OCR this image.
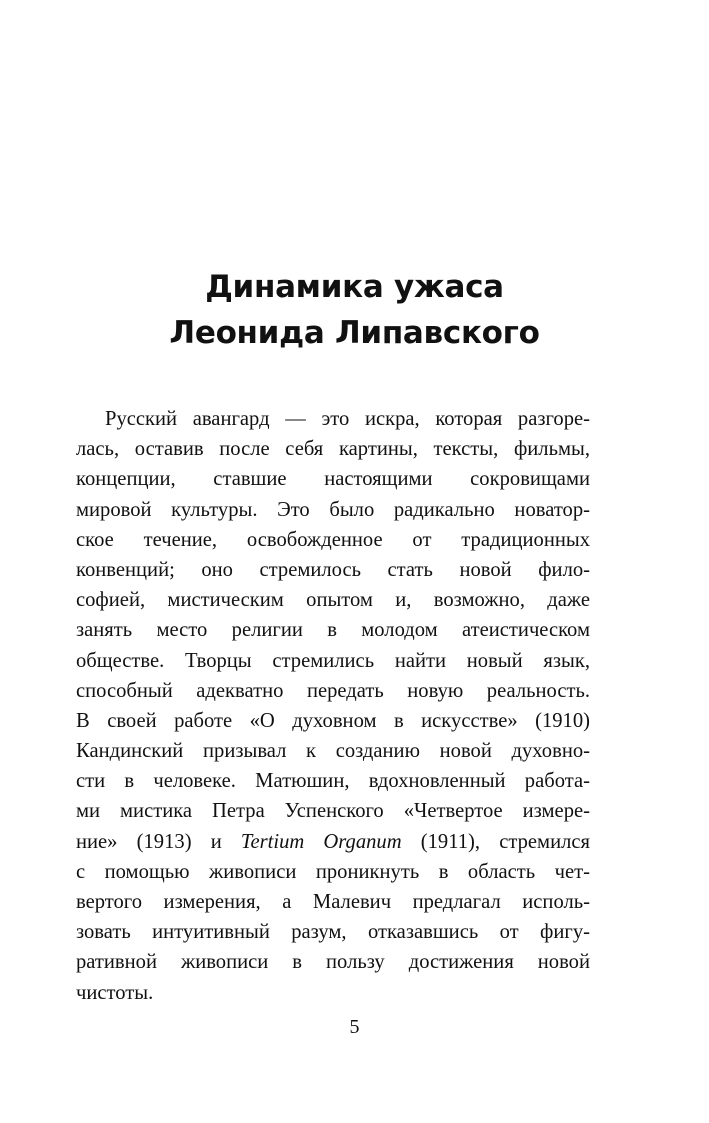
Динамика ужаса
Леонида Липавского
Русский авангард — это искра, которая разгоре-
лась, оставив после себя картины, тексты, фильмы,
концепции, ставшие настоящими сокровищами
мировой культуры. Это было радикально новатор-
ское течение, освобожденное от традиционных
конвенций; оно стремилось стать новой фило-
софией, мистическим опытом и, возможно, даже
занять место религии в молодом атеистическом
обществе. Творцы стремились найти новый язык,
способный адекватно передать новую реальность.
В своей работе «О духовном в искусстве» (1910)
Кандинский призывал к созданию новой духовно-
сти в человеке. Матюшин, вдохновленный работа-
ми мистика Петра Успенского «Четвертое измере-
ние» (1913) и Tertium Organum (1911), стремился
с помощью живописи проникнуть в область чет-
вертого измерения, а Малевич предлагал исполь-
зовать интуитивный разум, отказавшись от фигу-
ративной живописи в пользу достижения новой
чистоты.
5
